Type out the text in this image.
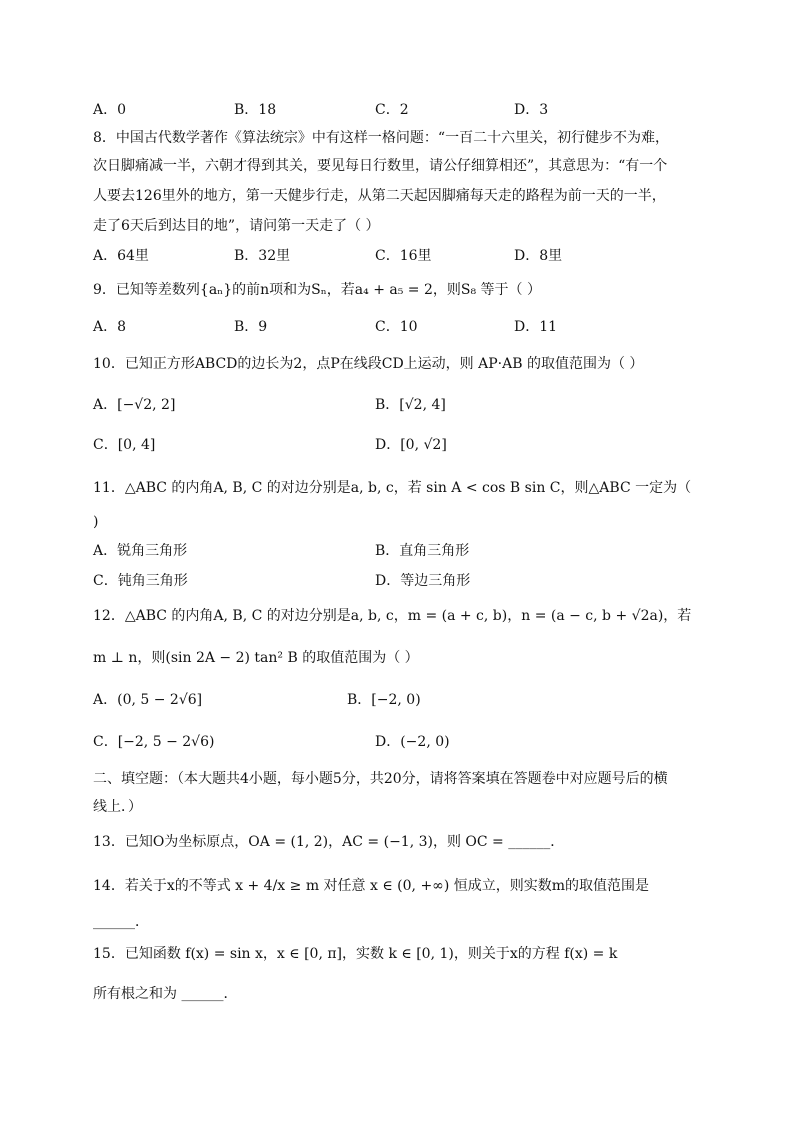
A．0	B．18	C．2	D．3
8．中国古代数学著作《算法统宗》中有这样一格问题：“一百二十六里关，初行健步不为难，
次日脚痛减一半，六朝才得到其关，要见每日行数里，请公仔细算相还”，其意思为：“有一个
人要去126里外的地方，第一天健步行走，从第二天起因脚痛每天走的路程为前一天的一半，
走了6天后到达目的地”，请问第一天走了（ ）
A．64里	B．32里	C．16里	D．8里
9．已知等差数列{aₙ}的前n项和为Sₙ，若a₄ + a₅ = 2，则S₈ 等于（ ）
A．8	B．9	C．10	D．11
10．已知正方形ABCD的边长为2，点P在线段CD上运动，则 AP·AB 的取值范围为（ ）
A．[−√2, 2]	B．[√2, 4]
C．[0, 4]	D．[0, √2]
11．△ABC 的内角A, B, C 的对边分别是a, b, c，若 sin A < cos B sin C，则△ABC 一定为（
)
A．锐角三角形	B．直角三角形
C．钝角三角形	D．等边三角形
12．△ABC 的内角A, B, C 的对边分别是a, b, c，m = (a + c, b)，n = (a − c, b + √2a)，若
m ⊥ n，则(sin 2A − 2) tan² B 的取值范围为（ ）
A．(0, 5 − 2√6]	B．[−2, 0)
C．[−2, 5 − 2√6)	D．(−2, 0)
二、填空题：（本大题共4小题，每小题5分，共20分，请将答案填在答题卷中对应题号后的横
线上．）
13．已知O为坐标原点，OA = (1, 2)，AC = (−1, 3)，则 OC = ______．
14．若关于x的不等式 x + 4/x ≥ m 对任意 x ∈ (0, +∞) 恒成立，则实数m的取值范围是
______．
15．已知函数 f(x) = sin x，x ∈ [0, π]，实数 k ∈ [0, 1)，则关于x的方程 f(x) = k
所有根之和为 ______．
